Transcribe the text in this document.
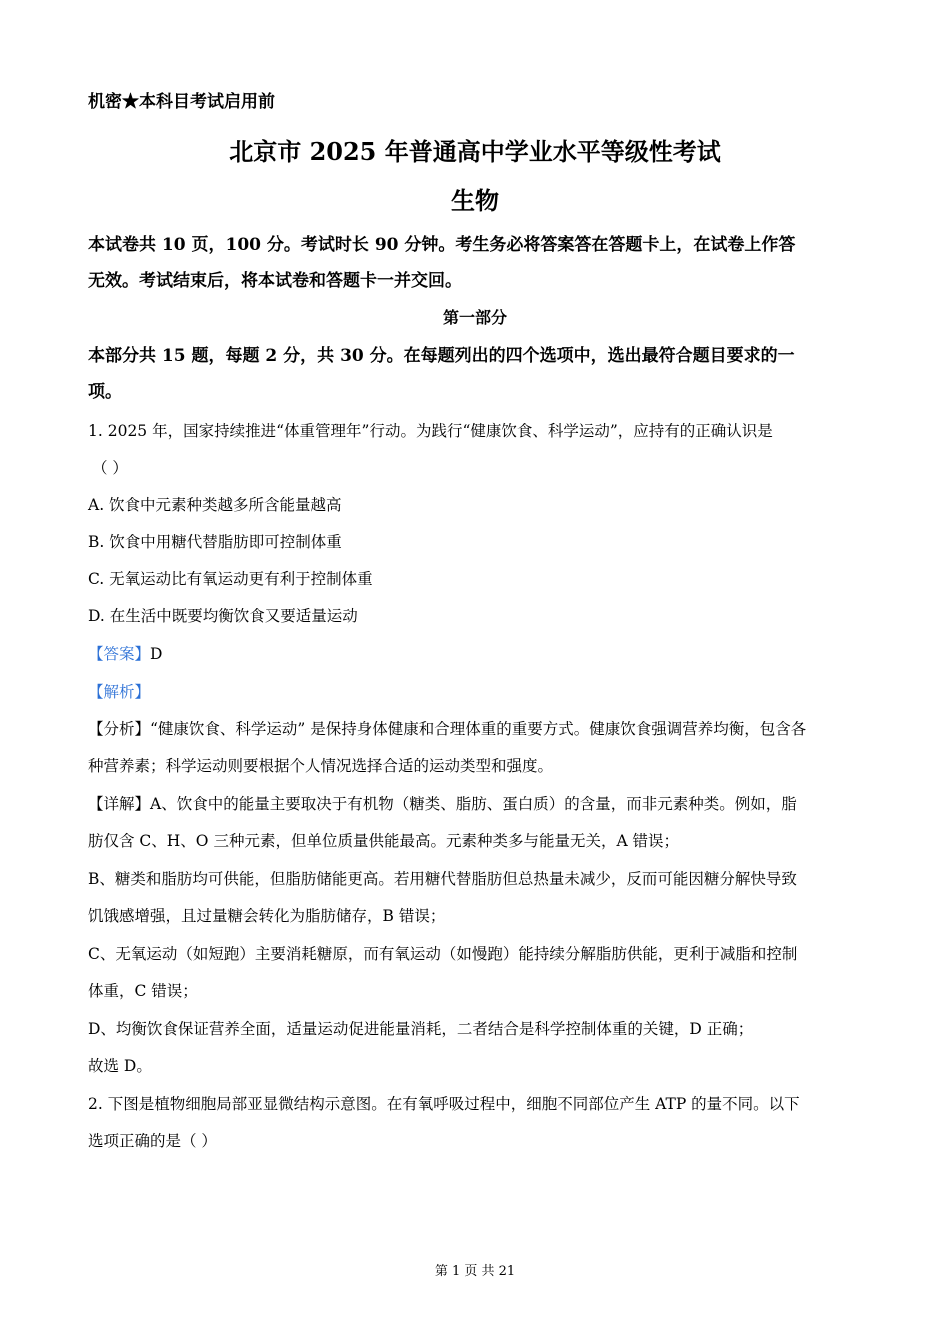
机密★本科目考试启用前
北京市 2025 年普通高中学业水平等级性考试
生物
本试卷共 10 页，100 分。考试时长 90 分钟。考生务必将答案答在答题卡上，在试卷上作答
无效。考试结束后，将本试卷和答题卡一并交回。
第一部分
本部分共 15 题，每题 2 分，共 30 分。在每题列出的四个选项中，选出最符合题目要求的一
项。
1. 2025 年，国家持续推进“体重管理年”行动。为践行“健康饮食、科学运动”，应持有的正确认识是
（ ）
A. 饮食中元素种类越多所含能量越高
B. 饮食中用糖代替脂肪即可控制体重
C. 无氧运动比有氧运动更有利于控制体重
D. 在生活中既要均衡饮食又要适量运动
【答案】D
【解析】
【分析】“健康饮食、科学运动” 是保持身体健康和合理体重的重要方式。健康饮食强调营养均衡，包含各
种营养素；科学运动则要根据个人情况选择合适的运动类型和强度。
【详解】A、饮食中的能量主要取决于有机物（糖类、脂肪、蛋白质）的含量，而非元素种类。例如，脂
肪仅含 C、H、O 三种元素，但单位质量供能最高。元素种类多与能量无关，A 错误；
B、糖类和脂肪均可供能，但脂肪储能更高。若用糖代替脂肪但总热量未减少，反而可能因糖分解快导致
饥饿感增强，且过量糖会转化为脂肪储存，B 错误；
C、无氧运动（如短跑）主要消耗糖原，而有氧运动（如慢跑）能持续分解脂肪供能，更利于减脂和控制
体重，C 错误；
D、均衡饮食保证营养全面，适量运动促进能量消耗，二者结合是科学控制体重的关键，D 正确；
故选 D。
2. 下图是植物细胞局部亚显微结构示意图。在有氧呼吸过程中，细胞不同部位产生 ATP 的量不同。以下
选项正确的是（ ）
第 1 页 共 21
